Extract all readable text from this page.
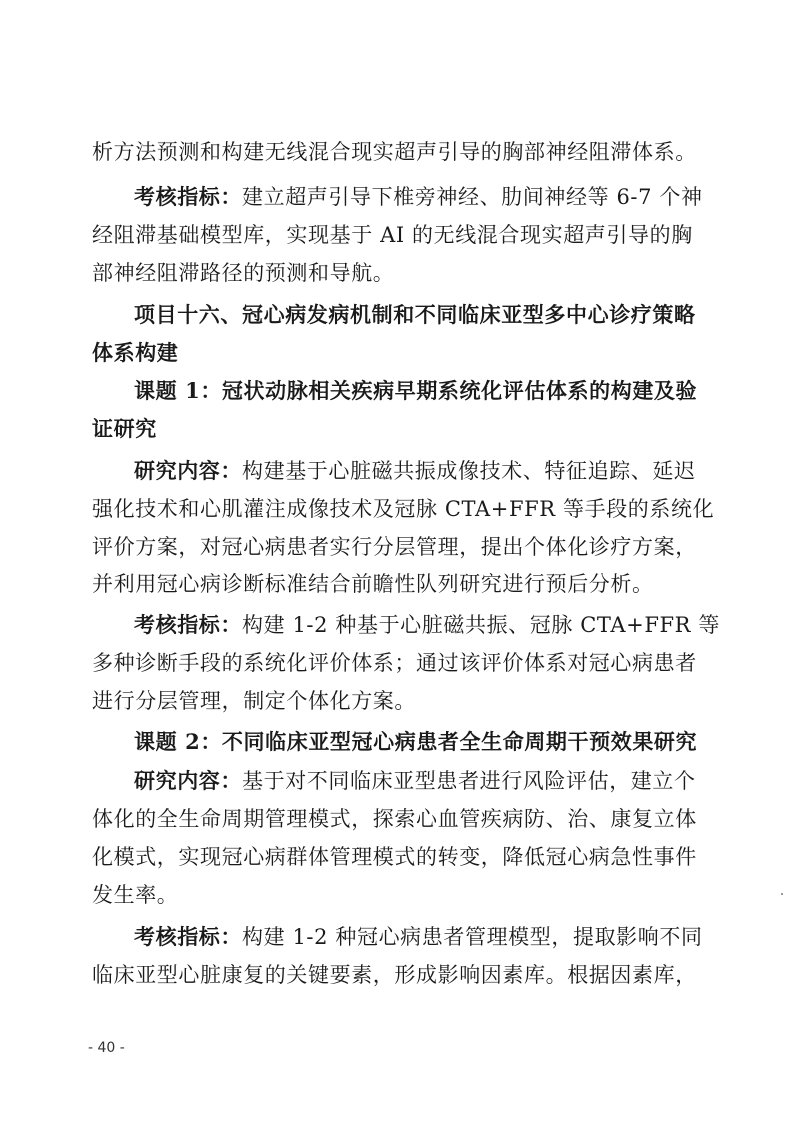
析方法预测和构建无线混合现实超声引导的胸部神经阻滞体系。
考核指标：建立超声引导下椎旁神经、肋间神经等 6-7 个神
经阻滞基础模型库，实现基于 AI 的无线混合现实超声引导的胸
部神经阻滞路径的预测和导航。
项目十六、冠心病发病机制和不同临床亚型多中心诊疗策略
体系构建
课题 1：冠状动脉相关疾病早期系统化评估体系的构建及验
证研究
研究内容：构建基于心脏磁共振成像技术、特征追踪、延迟
强化技术和心肌灌注成像技术及冠脉 CTA+FFR 等手段的系统化
评价方案，对冠心病患者实行分层管理，提出个体化诊疗方案，
并利用冠心病诊断标准结合前瞻性队列研究进行预后分析。
考核指标：构建 1-2 种基于心脏磁共振、冠脉 CTA+FFR 等
多种诊断手段的系统化评价体系；通过该评价体系对冠心病患者
进行分层管理，制定个体化方案。
课题 2：不同临床亚型冠心病患者全生命周期干预效果研究
研究内容：基于对不同临床亚型患者进行风险评估，建立个
体化的全生命周期管理模式，探索心血管疾病防、治、康复立体
化模式，实现冠心病群体管理模式的转变，降低冠心病急性事件
发生率。
考核指标：构建 1-2 种冠心病患者管理模型，提取影响不同
临床亚型心脏康复的关键要素，形成影响因素库。根据因素库，
- 40 -
